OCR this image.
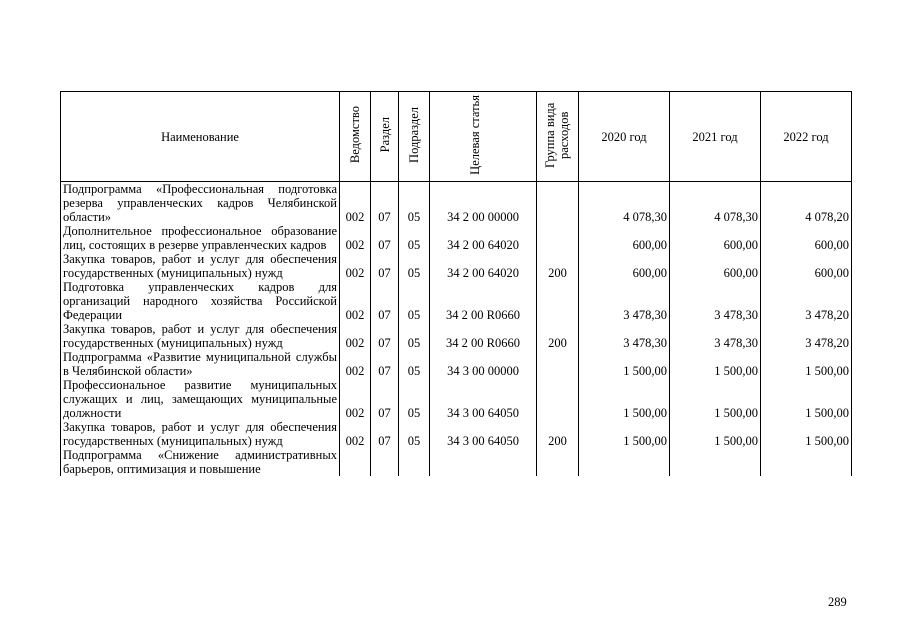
Наименование	Ведомство	Раздел	Подраздел	Целевая статья	Группа вида расходов	2020 год	2021 год	2022 год
Подпрограмма «Профессиональная подготовка резерва управленческих кадров Челябинской области»	002	07	05	34 2 00 00000		4 078,30	4 078,30	4 078,20
Дополнительное профессиональное образование лиц, состоящих в резерве управленческих кадров	002	07	05	34 2 00 64020		600,00	600,00	600,00
Закупка товаров, работ и услуг для обеспечения государственных (муниципальных) нужд	002	07	05	34 2 00 64020	200	600,00	600,00	600,00
Подготовка управленческих кадров для организаций народного хозяйства Российской Федерации	002	07	05	34 2 00 R0660		3 478,30	3 478,30	3 478,20
Закупка товаров, работ и услуг для обеспечения государственных (муниципальных) нужд	002	07	05	34 2 00 R0660	200	3 478,30	3 478,30	3 478,20
Подпрограмма «Развитие муниципальной службы в Челябинской области»	002	07	05	34 3 00 00000		1 500,00	1 500,00	1 500,00
Профессиональное развитие муниципальных служащих и лиц, замещающих муниципальные должности	002	07	05	34 3 00 64050		1 500,00	1 500,00	1 500,00
Закупка товаров, работ и услуг для обеспечения государственных (муниципальных) нужд	002	07	05	34 3 00 64050	200	1 500,00	1 500,00	1 500,00
Подпрограмма «Снижение административных барьеров, оптимизация и повышение								
289
